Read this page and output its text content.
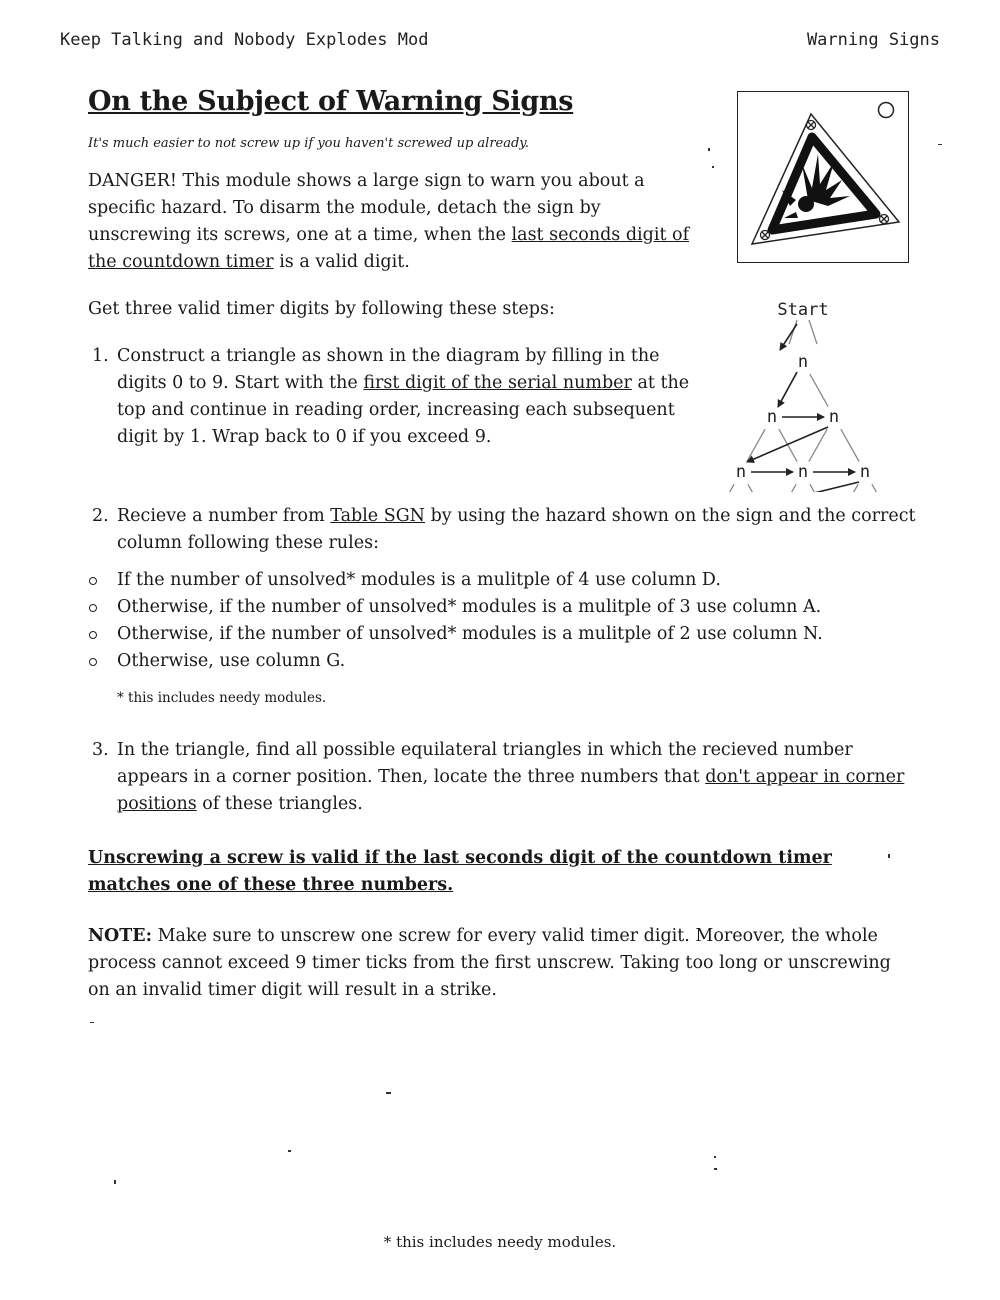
Keep Talking and Nobody Explodes Mod	Warning Signs
On the Subject of Warning Signs
It's much easier to not screw up if you haven't screwed up already.
DANGER! This module shows a large sign to warn you about a specific hazard. To disarm the module, detach the sign by unscrewing its screws, one at a time, when the last seconds digit of the countdown timer is a valid digit.
Get three valid timer digits by following these steps:
1. Construct a triangle as shown in the diagram by filling in the digits 0 to 9. Start with the first digit of the serial number at the top and continue in reading order, increasing each subsequent digit by 1. Wrap back to 0 if you exceed 9.
Start
n
n	n
n	n	n
2. Recieve a number from Table SGN by using the hazard shown on the sign and the correct column following these rules:
If the number of unsolved* modules is a mulitple of 4 use column D.
Otherwise, if the number of unsolved* modules is a mulitple of 3 use column A.
Otherwise, if the number of unsolved* modules is a mulitple of 2 use column N.
Otherwise, use column G.
* this includes needy modules.
3. In the triangle, find all possible equilateral triangles in which the recieved number appears in a corner position. Then, locate the three numbers that don't appear in corner positions of these triangles.
Unscrewing a screw is valid if the last seconds digit of the countdown timer matches one of these three numbers.
NOTE: Make sure to unscrew one screw for every valid timer digit. Moreover, the whole process cannot exceed 9 timer ticks from the first unscrew. Taking too long or unscrewing on an invalid timer digit will result in a strike.
* this includes needy modules.
